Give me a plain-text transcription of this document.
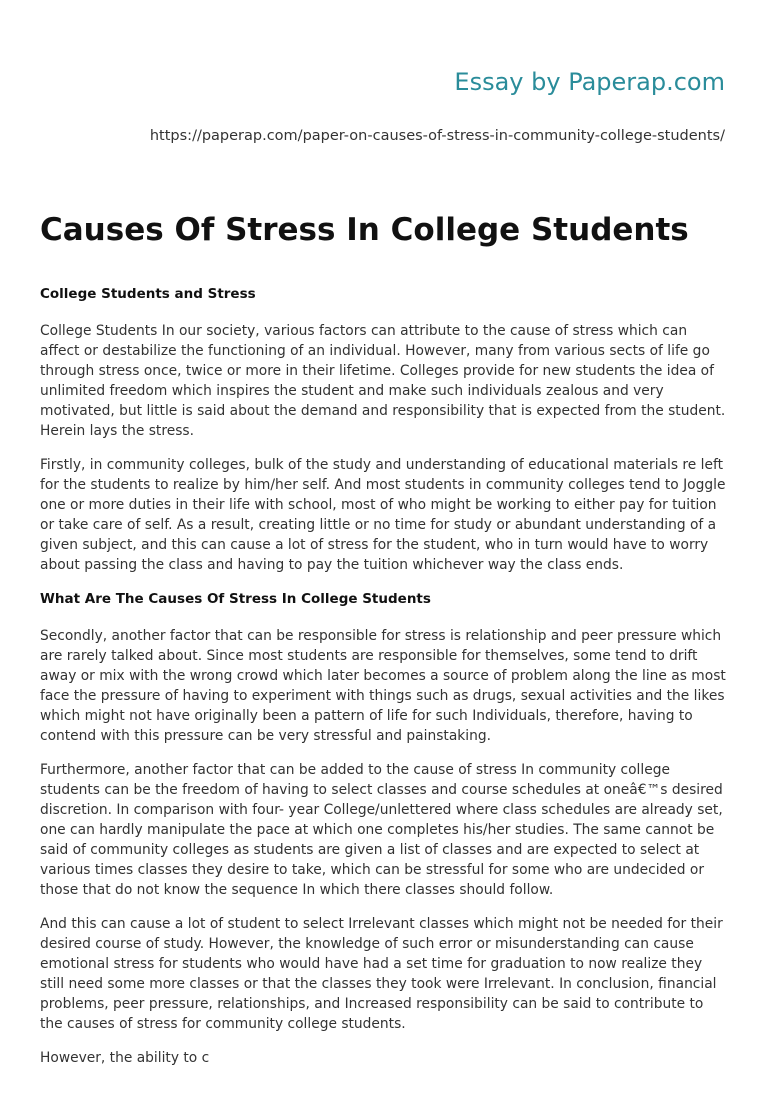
Essay by Paperap.com
https://paperap.com/paper-on-causes-of-stress-in-community-college-students/
Causes Of Stress In College Students
College Students and Stress

College Students In our society, various factors can attribute to the cause of stress which can affect or destabilize the functioning of an individual. However, many from various sects of life go through stress once, twice or more in their lifetime. Colleges provide for new students the idea of unlimited freedom which inspires the student and make such individuals zealous and very motivated, but little is said about the demand and responsibility that is expected from the student. Herein lays the stress.

Firstly, in community colleges, bulk of the study and understanding of educational materials re left for the students to realize by him/her self. And most students in community colleges tend to Joggle one or more duties in their life with school, most of who might be working to either pay for tuition or take care of self. As a result, creating little or no time for study or abundant understanding of a given subject, and this can cause a lot of stress for the student, who in turn would have to worry about passing the class and having to pay the tuition whichever way the class ends.

What Are The Causes Of Stress In College Students

Secondly, another factor that can be responsible for stress is relationship and peer pressure which are rarely talked about. Since most students are responsible for themselves, some tend to drift away or mix with the wrong crowd which later becomes a source of problem along the line as most face the pressure of having to experiment with things such as drugs, sexual activities and the likes which might not have originally been a pattern of life for such Individuals, therefore, having to contend with this pressure can be very stressful and painstaking.

Furthermore, another factor that can be added to the cause of stress In community college students can be the freedom of having to select classes and course schedules at oneâ€™s desired discretion. In comparison with four- year College/unlettered where class schedules are already set, one can hardly manipulate the pace at which one completes his/her studies. The same cannot be said of community colleges as students are given a list of classes and are expected to select at various times classes they desire to take, which can be stressful for some who are undecided or those that do not know the sequence In which there classes should follow.

And this can cause a lot of student to select Irrelevant classes which might not be needed for their desired course of study. However, the knowledge of such error or misunderstanding can cause emotional stress for students who would have had a set time for graduation to now realize they still need some more classes or that the classes they took were Irrelevant. In conclusion, financial problems, peer pressure, relationships, and Increased responsibility can be said to contribute to the causes of stress for community college students.

However, the ability to c
